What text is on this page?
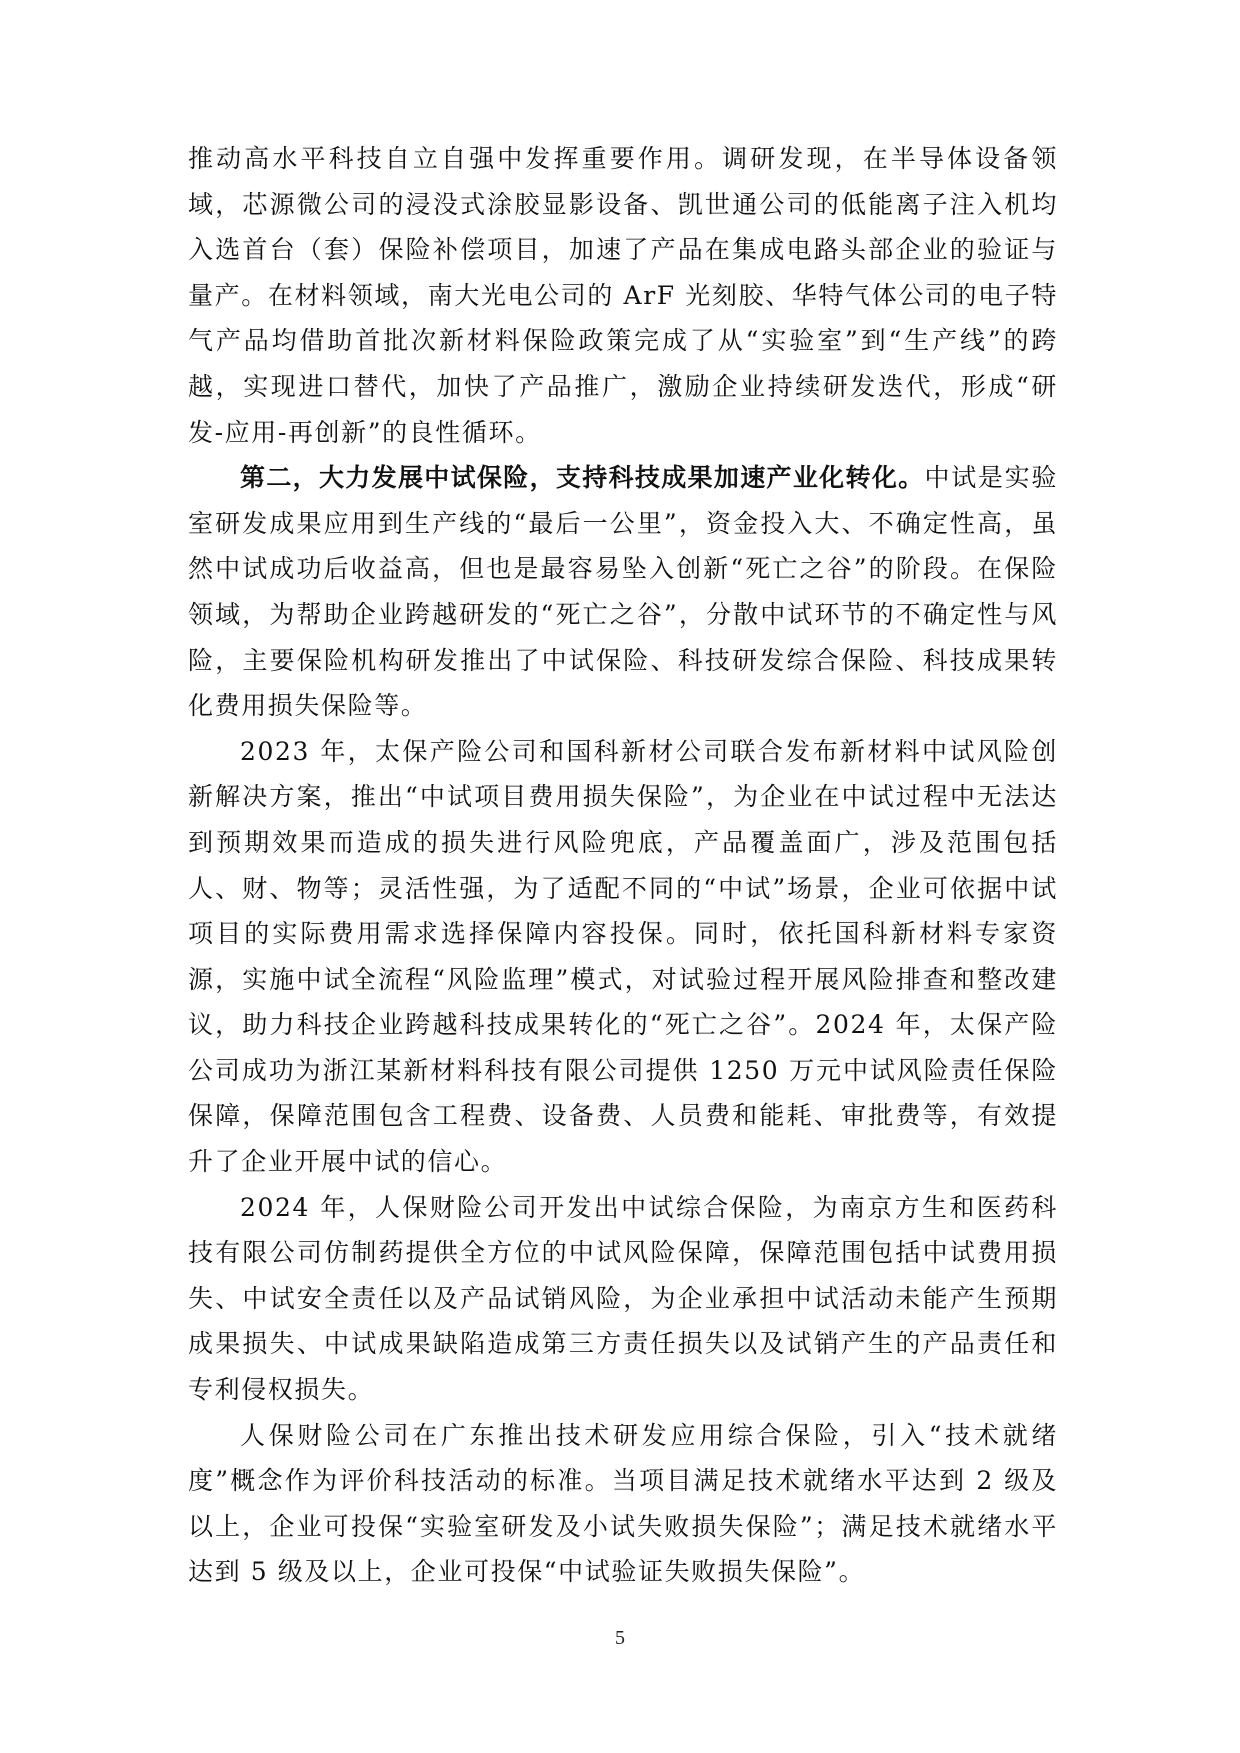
推动高水平科技自立自强中发挥重要作用。调研发现，在半导体设备领域，芯源微公司的浸没式涂胶显影设备、凯世通公司的低能离子注入机均入选首台（套）保险补偿项目，加速了产品在集成电路头部企业的验证与量产。在材料领域，南大光电公司的 ArF 光刻胶、华特气体公司的电子特气产品均借助首批次新材料保险政策完成了从“实验室”到“生产线”的跨越，实现进口替代，加快了产品推广，激励企业持续研发迭代，形成“研发-应用-再创新”的良性循环。

第二，大力发展中试保险，支持科技成果加速产业化转化。中试是实验室研发成果应用到生产线的“最后一公里”，资金投入大、不确定性高，虽然中试成功后收益高，但也是最容易坠入创新“死亡之谷”的阶段。在保险领域，为帮助企业跨越研发的“死亡之谷”，分散中试环节的不确定性与风险，主要保险机构研发推出了中试保险、科技研发综合保险、科技成果转化费用损失保险等。

2023 年，太保产险公司和国科新材公司联合发布新材料中试风险创新解决方案，推出“中试项目费用损失保险”，为企业在中试过程中无法达到预期效果而造成的损失进行风险兜底，产品覆盖面广，涉及范围包括人、财、物等；灵活性强，为了适配不同的“中试”场景，企业可依据中试项目的实际费用需求选择保障内容投保。同时，依托国科新材料专家资源，实施中试全流程“风险监理”模式，对试验过程开展风险排查和整改建议，助力科技企业跨越科技成果转化的“死亡之谷”。2024 年，太保产险公司成功为浙江某新材料科技有限公司提供 1250 万元中试风险责任保险保障，保障范围包含工程费、设备费、人员费和能耗、审批费等，有效提升了企业开展中试的信心。

2024 年，人保财险公司开发出中试综合保险，为南京方生和医药科技有限公司仿制药提供全方位的中试风险保障，保障范围包括中试费用损失、中试安全责任以及产品试销风险，为企业承担中试活动未能产生预期成果损失、中试成果缺陷造成第三方责任损失以及试销产生的产品责任和专利侵权损失。

人保财险公司在广东推出技术研发应用综合保险，引入“技术就绪度”概念作为评价科技活动的标准。当项目满足技术就绪水平达到 2 级及以上，企业可投保“实验室研发及小试失败损失保险”；满足技术就绪水平达到 5 级及以上，企业可投保“中试验证失败损失保险”。

5
